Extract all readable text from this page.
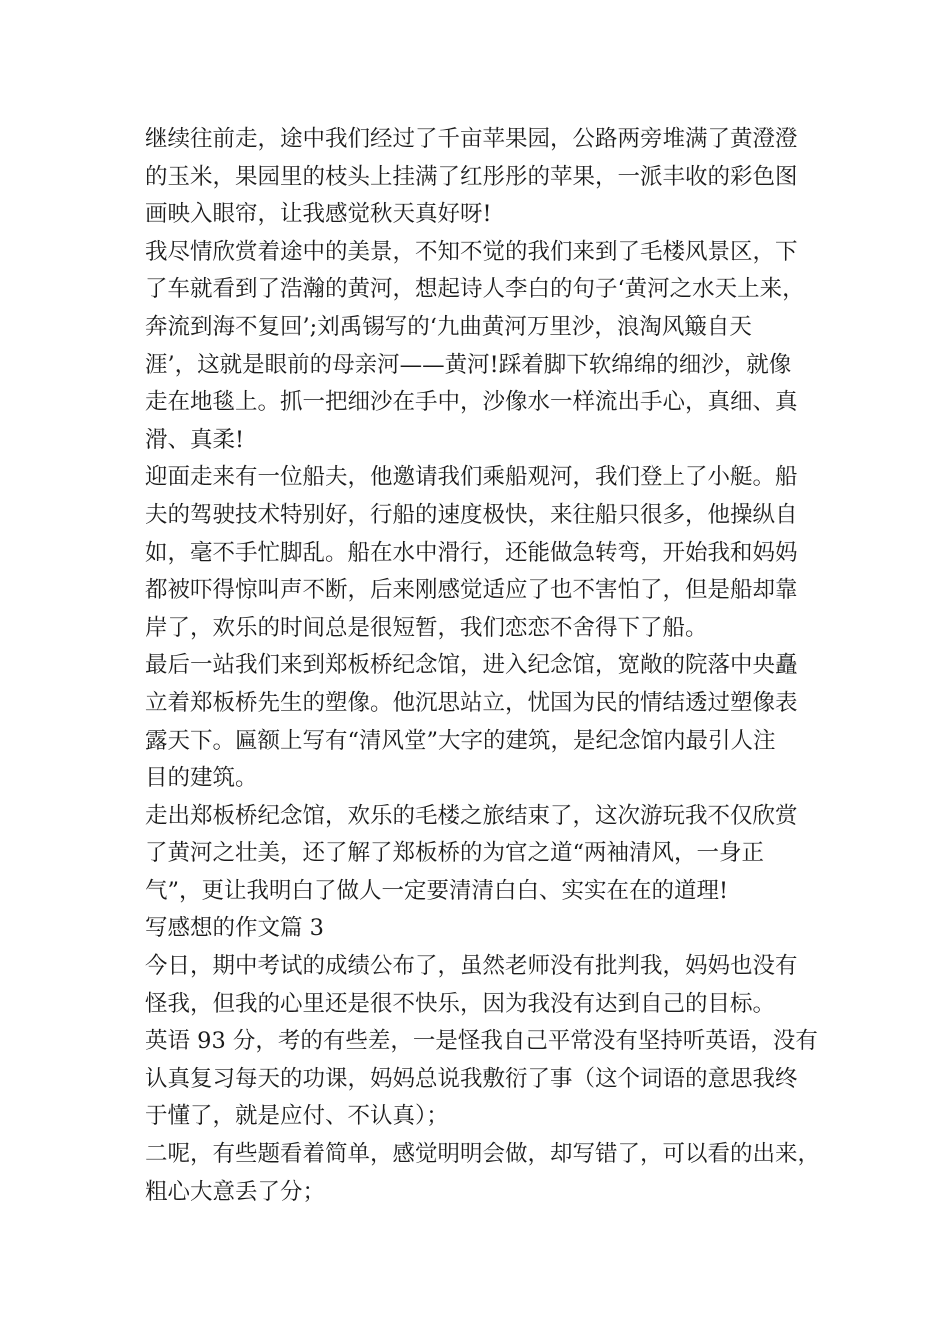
继续往前走，途中我们经过了千亩苹果园，公路两旁堆满了黄澄澄
的玉米，果园里的枝头上挂满了红彤彤的苹果，一派丰收的彩色图
画映入眼帘，让我感觉秋天真好呀!
我尽情欣赏着途中的美景，不知不觉的我们来到了毛楼风景区，下
了车就看到了浩瀚的黄河，想起诗人李白的句子‘黄河之水天上来，
奔流到海不复回’;刘禹锡写的‘九曲黄河万里沙，浪淘风簸自天
涯’，这就是眼前的母亲河——黄河!踩着脚下软绵绵的细沙，就像
走在地毯上。抓一把细沙在手中，沙像水一样流出手心，真细、真
滑、真柔!
迎面走来有一位船夫，他邀请我们乘船观河，我们登上了小艇。船
夫的驾驶技术特别好，行船的速度极快，来往船只很多，他操纵自
如，毫不手忙脚乱。船在水中滑行，还能做急转弯，开始我和妈妈
都被吓得惊叫声不断，后来刚感觉适应了也不害怕了，但是船却靠
岸了，欢乐的时间总是很短暂，我们恋恋不舍得下了船。
最后一站我们来到郑板桥纪念馆，进入纪念馆，宽敞的院落中央矗
立着郑板桥先生的塑像。他沉思站立，忧国为民的情结透过塑像表
露天下。匾额上写有“清风堂”大字的建筑，是纪念馆内最引人注
目的建筑。
走出郑板桥纪念馆，欢乐的毛楼之旅结束了，这次游玩我不仅欣赏
了黄河之壮美，还了解了郑板桥的为官之道“两袖清风，一身正
气”，更让我明白了做人一定要清清白白、实实在在的道理!
写感想的作文篇 3
今日，期中考试的成绩公布了，虽然老师没有批判我，妈妈也没有
怪我，但我的心里还是很不快乐，因为我没有达到自己的目标。
英语 93 分，考的有些差，一是怪我自己平常没有坚持听英语，没有
认真复习每天的功课，妈妈总说我敷衍了事（这个词语的意思我终
于懂了，就是应付、不认真）；
二呢，有些题看着简单，感觉明明会做，却写错了，可以看的出来，
粗心大意丢了分；
